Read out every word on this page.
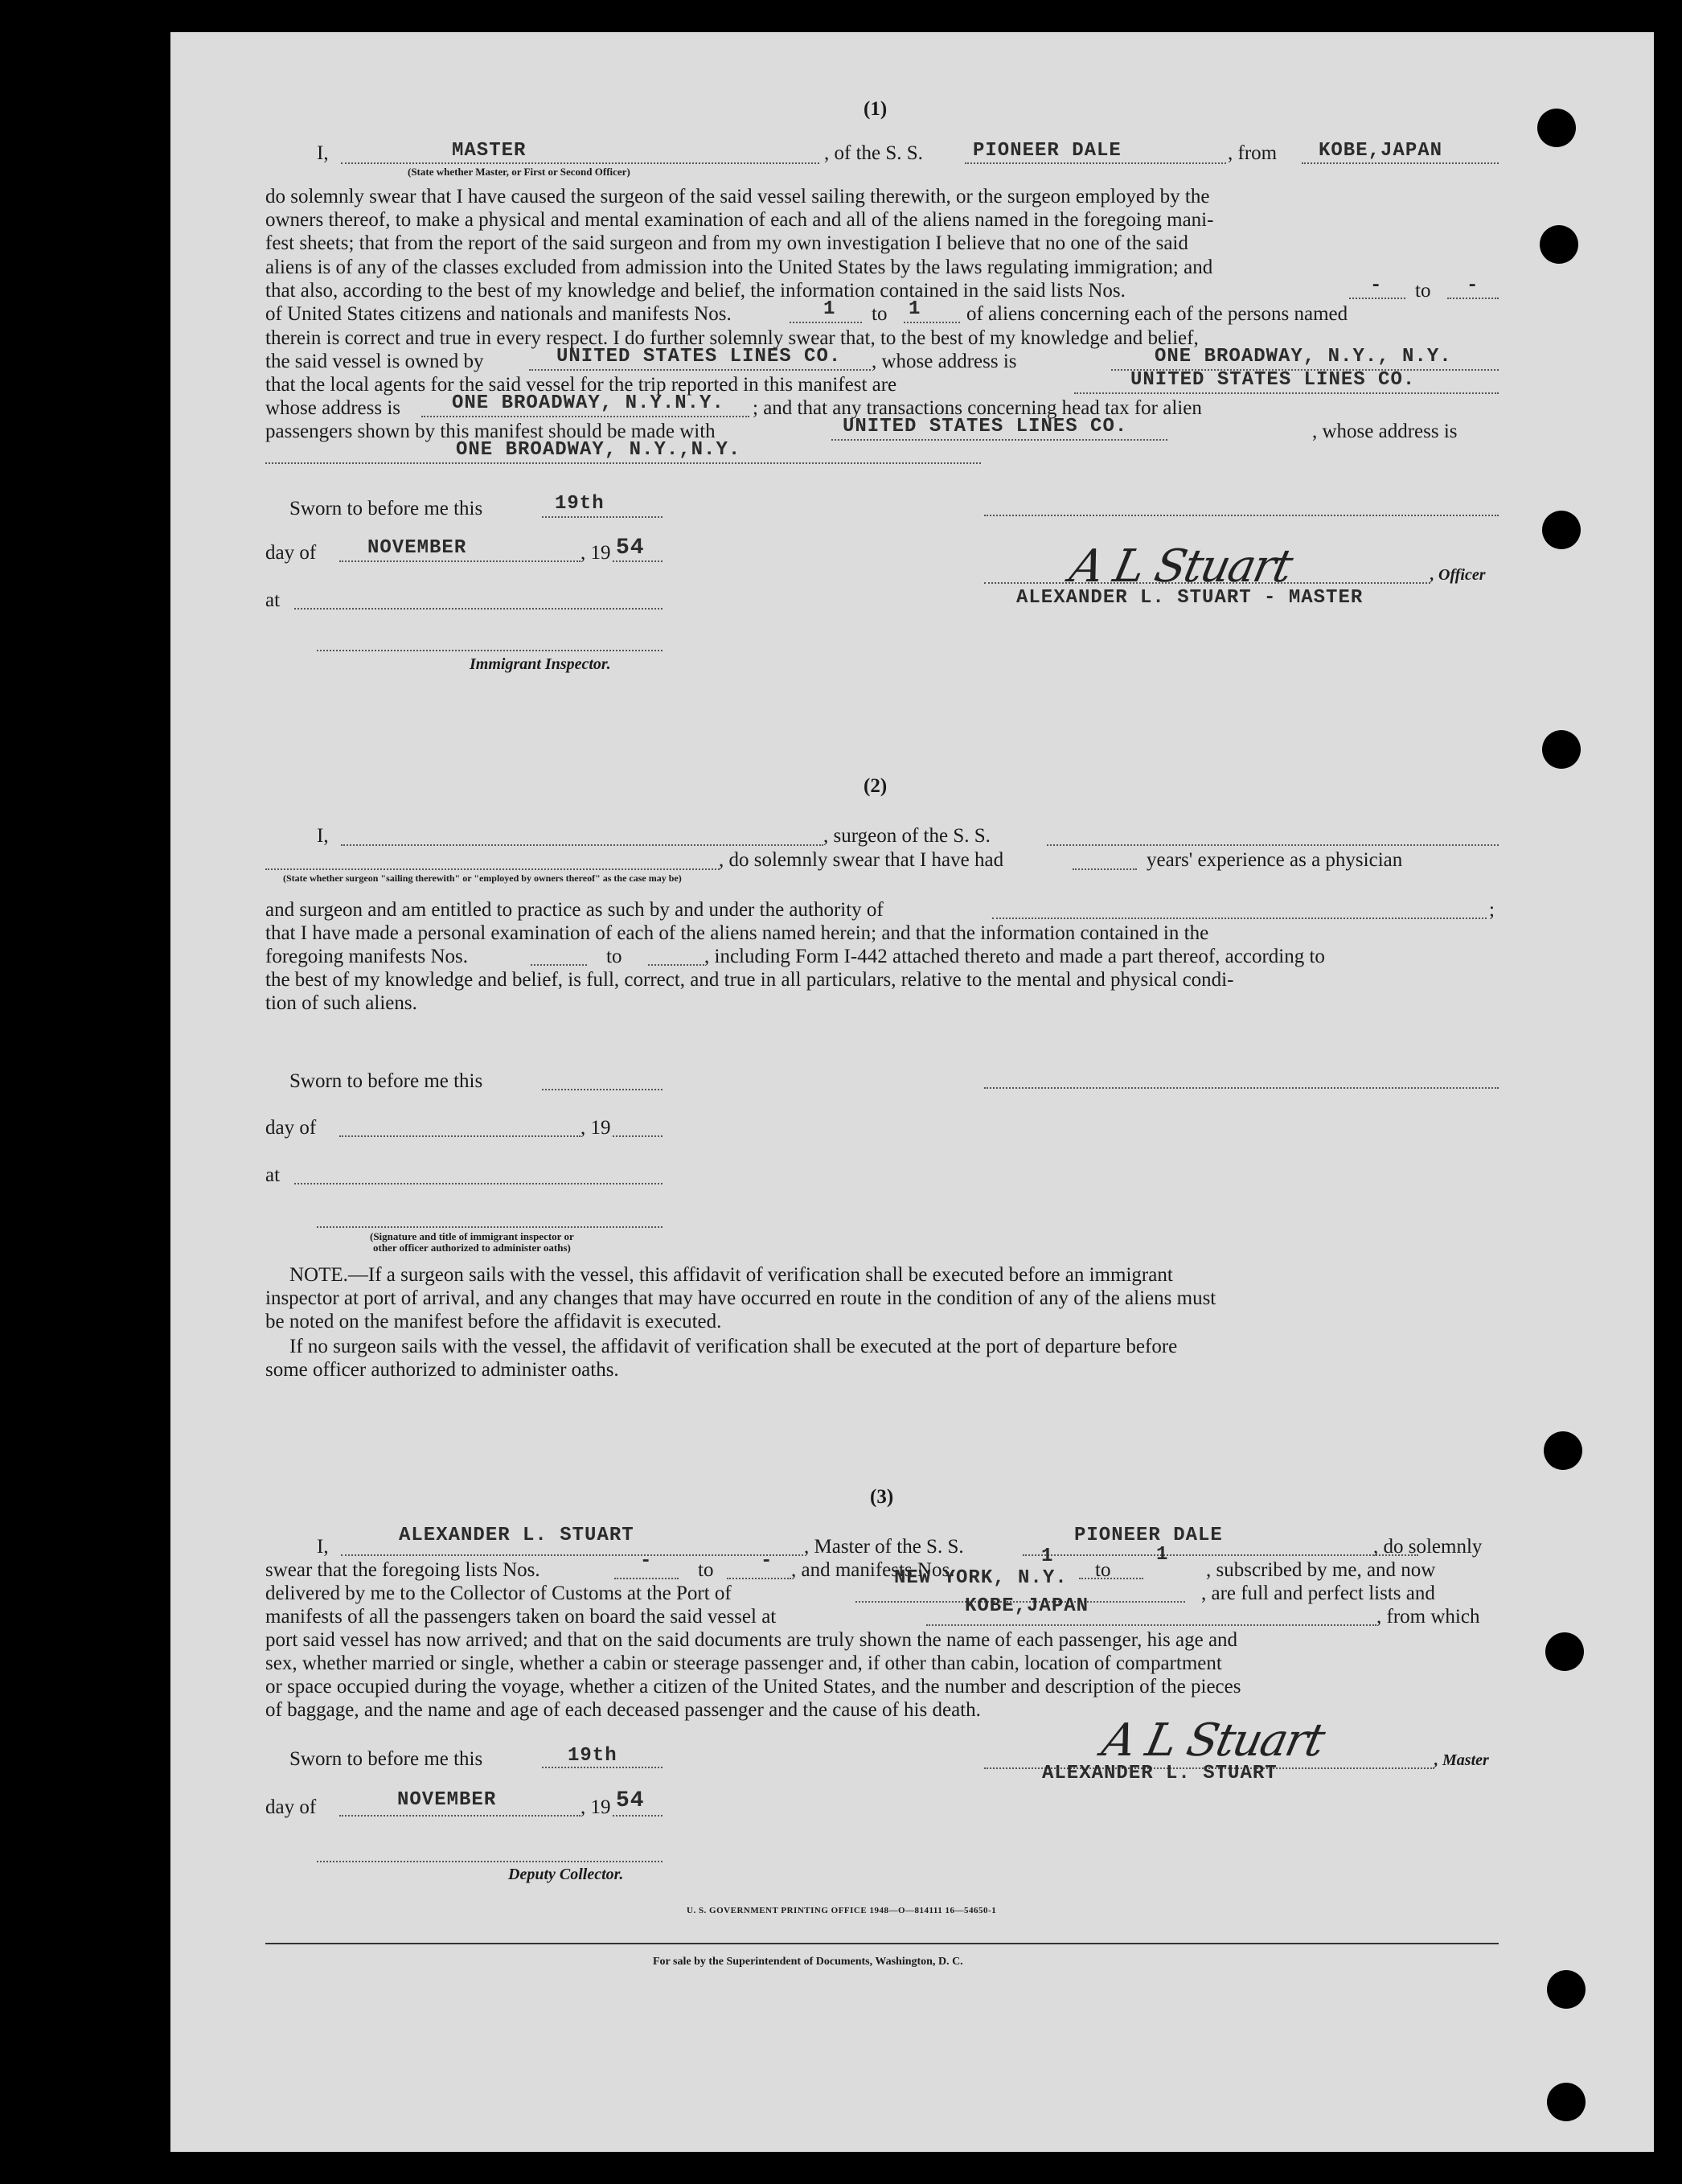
(1)
I,	MASTER
(State whether Master, or First or Second Officer)
, of the S. S.	PIONEER DALE	, from KOBE,JAPAN
do solemnly swear that I have caused the surgeon of the said vessel sailing therewith, or the surgeon employed by the
owners thereof, to make a physical and mental examination of each and all of the aliens named in the foregoing mani-
fest sheets; that from the report of the said surgeon and from my own investigation I believe that no one of the said
aliens is of any of the classes excluded from admission into the United States by the laws regulating immigration; and
that also, according to the best of my knowledge and belief, the information contained in the said lists Nos.	- to -
of United States citizens and nationals and manifests Nos.	1 to 1 of aliens concerning each of the persons named
therein is correct and true in every respect. I do further solemnly swear that, to the best of my knowledge and belief,
the said vessel is owned by	UNITED STATES LINES CO. , whose address is	ONE BROADWAY, N.Y., N.Y.
that the local agents for the said vessel for the trip reported in this manifest are	UNITED STATES LINES CO.
whose address is	ONE BROADWAY, N.Y.N.Y. ; and that any transactions concerning head tax for alien
passengers shown by this manifest should be made with	UNITED STATES LINES CO.	, whose address is
ONE BROADWAY, N.Y.,N.Y.
Sworn to before me this	19th
day of	NOVEMBER	, 19 54
at
Immigrant Inspector.
A L Stuart	, Officer
ALEXANDER L. STUART - MASTER
(2)
I,	, surgeon of the S. S.
, do solemnly swear that I have had	years' experience as a physician
(State whether surgeon "sailing therewith" or "employed by owners thereof" as the case may be)
and surgeon and am entitled to practice as such by and under the authority of	;
that I have made a personal examination of each of the aliens named herein; and that the information contained in the
foregoing manifests Nos.	to	, including Form I-442 attached thereto and made a part thereof, according to
the best of my knowledge and belief, is full, correct, and true in all particulars, relative to the mental and physical condi-
tion of such aliens.
Sworn to before me this
day of	, 19
at
(Signature and title of immigrant inspector or
other officer authorized to administer oaths)
NOTE.—If a surgeon sails with the vessel, this affidavit of verification shall be executed before an immigrant
inspector at port of arrival, and any changes that may have occurred en route in the condition of any of the aliens must
be noted on the manifest before the affidavit is executed.
If no surgeon sails with the vessel, the affidavit of verification shall be executed at the port of departure before
some officer authorized to administer oaths.
(3)
I,
ALEXANDER L. STUART
, Master of the S. S.
PIONEER DALE
, do solemnly
swear that the foregoing lists Nos.	- to - , and manifests Nos.
1	1
to	, subscribed by me, and now
delivered by me to the Collector of Customs at the Port of
NEW YORK, N.Y.
, are full and perfect lists and
manifests of all the passengers taken on board the said vessel at	KOBE,JAPAN	, from which
port said vessel has now arrived; and that on the said documents are truly shown the name of each passenger, his age and
sex, whether married or single, whether a cabin or steerage passenger and, if other than cabin, location of compartment
or space occupied during the voyage, whether a citizen of the United States, and the number and description of the pieces
of baggage, and the name and age of each deceased passenger and the cause of his death.
Sworn to before me this	19th
day of	NOVEMBER	, 19 54
Deputy Collector.
A L Stuart	, Master
ALEXANDER L. STUART
U. S. GOVERNMENT PRINTING OFFICE 1948—O—814111 16—54650-1
For sale by the Superintendent of Documents, Washington, D. C.
